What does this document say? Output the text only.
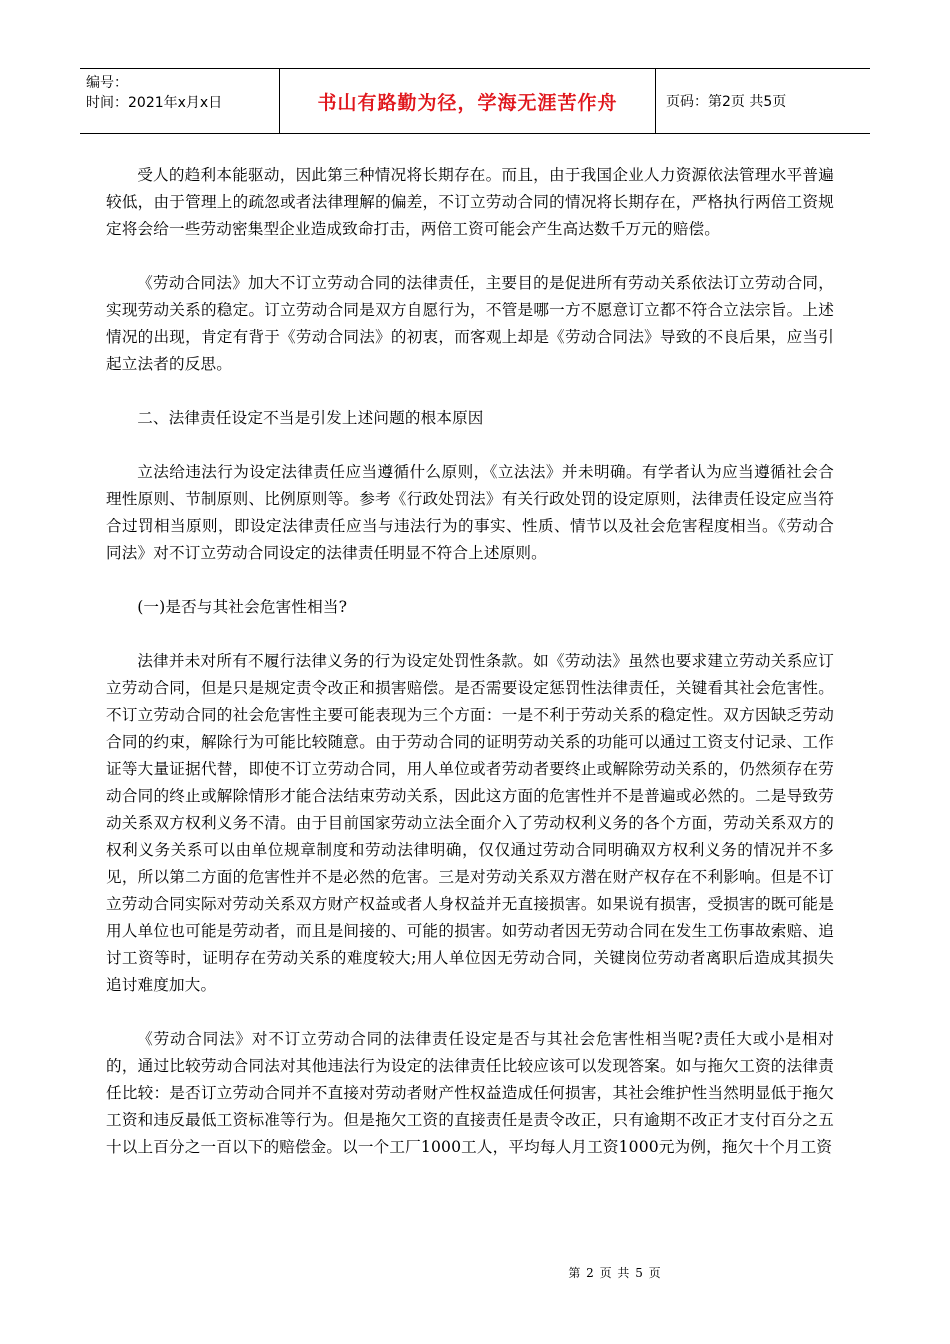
编号：
时间：2021年x月x日	书山有路勤为径，学海无涯苦作舟	页码：第2页 共5页

受人的趋利本能驱动，因此第三种情况将长期存在。而且，由于我国企业人力资源依法管理水平普遍较低，由于管理上的疏忽或者法律理解的偏差，不订立劳动合同的情况将长期存在，严格执行两倍工资规定将会给一些劳动密集型企业造成致命打击，两倍工资可能会产生高达数千万元的赔偿。

《劳动合同法》加大不订立劳动合同的法律责任，主要目的是促进所有劳动关系依法订立劳动合同，实现劳动关系的稳定。订立劳动合同是双方自愿行为，不管是哪一方不愿意订立都不符合立法宗旨。上述情况的出现，肯定有背于《劳动合同法》的初衷，而客观上却是《劳动合同法》导致的不良后果，应当引起立法者的反思。

二、法律责任设定不当是引发上述问题的根本原因

立法给违法行为设定法律责任应当遵循什么原则，《立法法》并未明确。有学者认为应当遵循社会合理性原则、节制原则、比例原则等。参考《行政处罚法》有关行政处罚的设定原则，法律责任设定应当符合过罚相当原则，即设定法律责任应当与违法行为的事实、性质、情节以及社会危害程度相当。《劳动合同法》对不订立劳动合同设定的法律责任明显不符合上述原则。

(一)是否与其社会危害性相当?

法律并未对所有不履行法律义务的行为设定处罚性条款。如《劳动法》虽然也要求建立劳动关系应订立劳动合同，但是只是规定责令改正和损害赔偿。是否需要设定惩罚性法律责任，关键看其社会危害性。不订立劳动合同的社会危害性主要可能表现为三个方面：一是不利于劳动关系的稳定性。双方因缺乏劳动合同的约束，解除行为可能比较随意。由于劳动合同的证明劳动关系的功能可以通过工资支付记录、工作证等大量证据代替，即使不订立劳动合同，用人单位或者劳动者要终止或解除劳动关系的，仍然须存在劳动合同的终止或解除情形才能合法结束劳动关系，因此这方面的危害性并不是普遍或必然的。二是导致劳动关系双方权利义务不清。由于目前国家劳动立法全面介入了劳动权利义务的各个方面，劳动关系双方的权利义务关系可以由单位规章制度和劳动法律明确，仅仅通过劳动合同明确双方权利义务的情况并不多见，所以第二方面的危害性并不是必然的危害。三是对劳动关系双方潜在财产权存在不利影响。但是不订立劳动合同实际对劳动关系双方财产权益或者人身权益并无直接损害。如果说有损害，受损害的既可能是用人单位也可能是劳动者，而且是间接的、可能的损害。如劳动者因无劳动合同在发生工伤事故索赔、追讨工资等时，证明存在劳动关系的难度较大;用人单位因无劳动合同，关键岗位劳动者离职后造成其损失追讨难度加大。

《劳动合同法》对不订立劳动合同的法律责任设定是否与其社会危害性相当呢?责任大或小是相对的，通过比较劳动合同法对其他违法行为设定的法律责任比较应该可以发现答案。如与拖欠工资的法律责任比较：是否订立劳动合同并不直接对劳动者财产性权益造成任何损害，其社会维护性当然明显低于拖欠工资和违反最低工资标准等行为。但是拖欠工资的直接责任是责令改正，只有逾期不改正才支付百分之五十以上百分之一百以下的赔偿金。以一个工厂1000工人，平均每人月工资1000元为例，拖欠十个月工资

第 2 页 共 5 页
